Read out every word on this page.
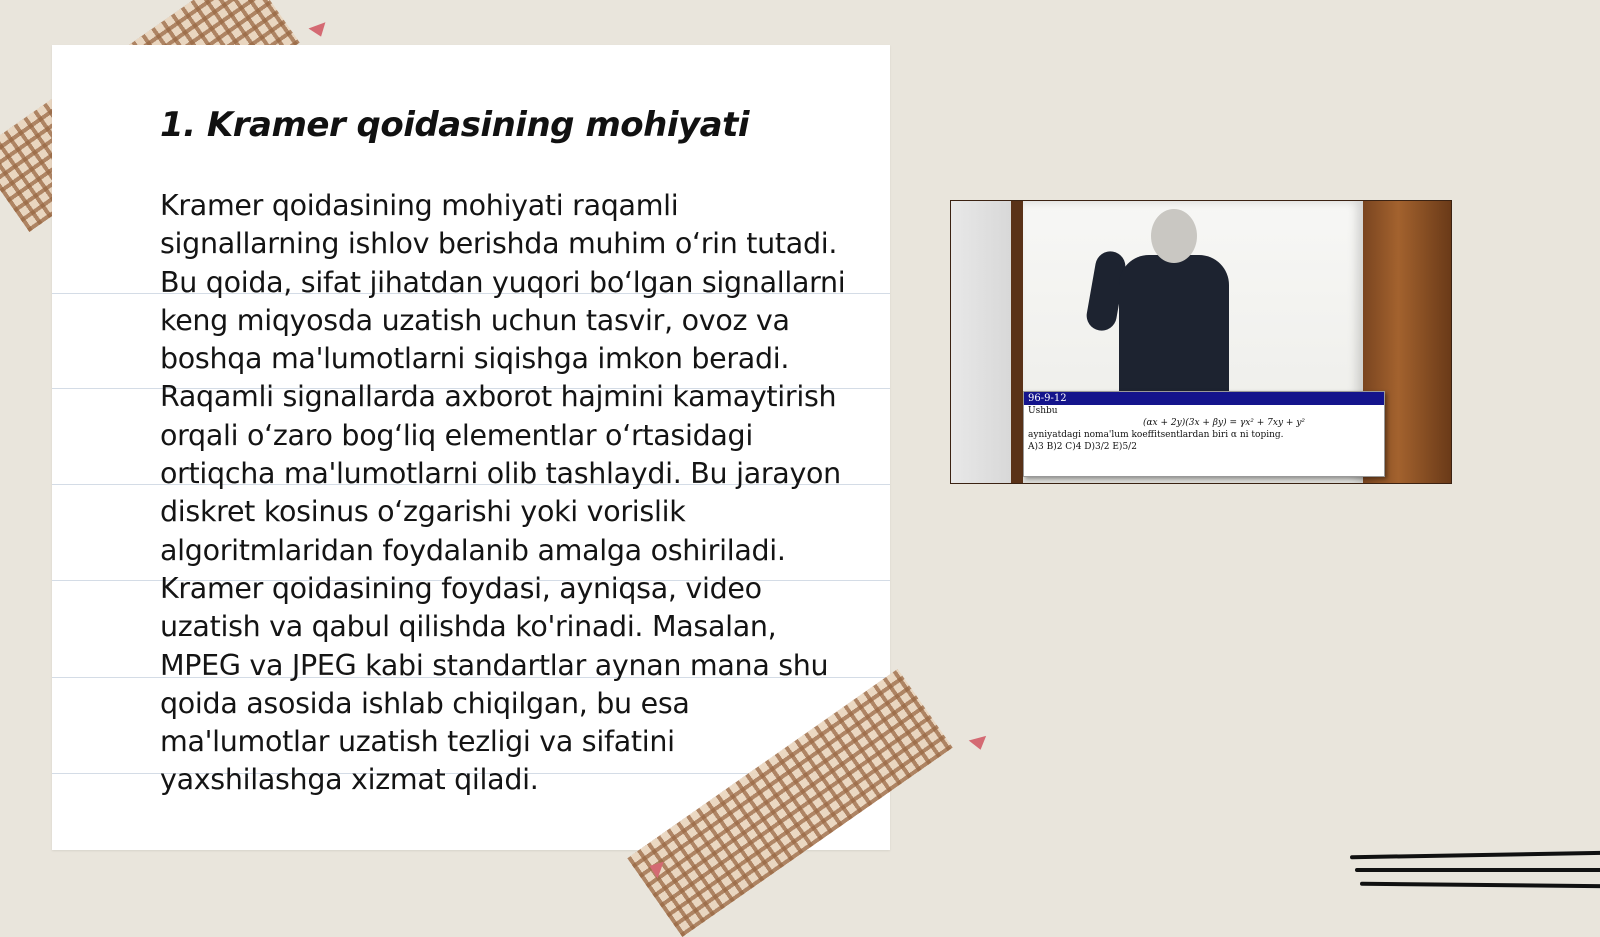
1. Kramer qoidasining mohiyati

Kramer qoidasining mohiyati raqamli signallarning ishlov berishda muhim o‘rin tutadi. Bu qoida, sifat jihatdan yuqori bo‘lgan signallarni keng miqyosda uzatish uchun tasvir, ovoz va boshqa ma'lumotlarni siqishga imkon beradi. Raqamli signallarda axborot hajmini kamaytirish orqali o‘zaro bog‘liq elementlar o‘rtasidagi ortiqcha ma'lumotlarni olib tashlaydi. Bu jarayon diskret kosinus o‘zgarishi yoki vorislik algoritmlaridan foydalanib amalga oshiriladi. Kramer qoidasining foydasi, ayniqsa, video uzatish va qabul qilishda ko'rinadi. Masalan, MPEG va JPEG kabi standartlar aynan mana shu qoida asosida ishlab chiqilgan, bu esa ma'lumotlar uzatish tezligi va sifatini yaxshilashga xizmat qiladi.

96-9-12
Ushbu
(αx + 2y)(3x + βy) = γx² + 7xy + y²
ayniyatdagi noma'lum koeffitsentlardan biri α ni toping.
A)3 B)2 C)4 D)3/2 E)5/2
